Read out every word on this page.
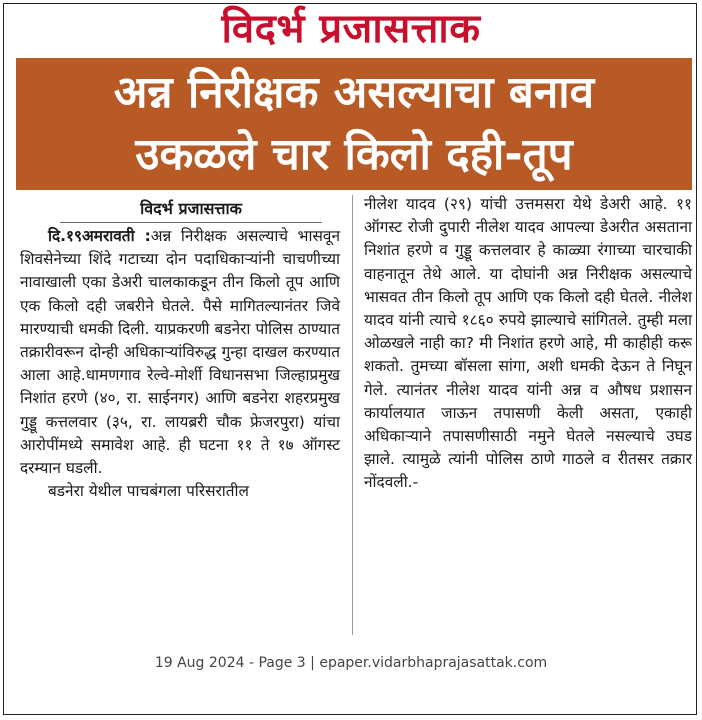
विदर्भ प्रजासत्ताक
अन्न निरीक्षक असल्याचा बनाव
उकळले चार किलो दही-तूप
विदर्भ प्रजासत्ताक

दि.१९अमरावती :अन्न निरीक्षक असल्याचे भासवून शिवसेनेच्या शिंदे गटाच्या दोन पदाधिकाऱ्यांनी चाचणीच्या नावाखाली एका डेअरी चालकाकडून तीन किलो तूप आणि एक किलो दही जबरीने घेतले. पैसे मागितल्यानंतर जिवे मारण्याची धमकी दिली. याप्रकरणी बडनेरा पोलिस ठाण्यात तक्रारीवरून दोन्ही अधिकाऱ्यांविरुद्ध गुन्हा दाखल करण्यात आला आहे.धामणगाव रेल्वे-मोर्शी विधानसभा जिल्हाप्रमुख निशांत हरणे (४०, रा. साईनगर) आणि बडनेरा शहरप्रमुख गुड्डू कत्तलवार (३५, रा. लायब्ररी चौक फ्रेजरपुरा) यांचा आरोपींमध्ये समावेश आहे. ही घटना ११ ते १७ ऑगस्ट दरम्यान घडली.

बडनेरा येथील पाचबंगला परिसरातील

नीलेश यादव (२९) यांची उत्तमसरा येथे डेअरी आहे. ११ ऑगस्ट रोजी दुपारी नीलेश यादव आपल्या डेअरीत असताना निशांत हरणे व गुड्डू कत्तलवार हे काळ्या रंगाच्या चारचाकी वाहनातून तेथे आले. या दोघांनी अन्न निरीक्षक असल्याचे भासवत तीन किलो तूप आणि एक किलो दही घेतले. नीलेश यादव यांनी त्याचे १८६० रुपये झाल्याचे सांगितले. तुम्ही मला ओळखले नाही का? मी निशांत हरणे आहे, मी काहीही करू शकतो. तुमच्या बॉसला सांगा, अशी धमकी देऊन ते निघून गेले. त्यानंतर नीलेश यादव यांनी अन्न व औषध प्रशासन कार्यालयात जाऊन तपासणी केली असता, एकाही अधिकाऱ्याने तपासणीसाठी नमुने घेतले नसल्याचे उघड झाले. त्यामुळे त्यांनी पोलिस ठाणे गाठले व रीतसर तक्रार नोंदवली.-

19 Aug 2024 - Page 3 | epaper.vidarbhaprajasattak.com
